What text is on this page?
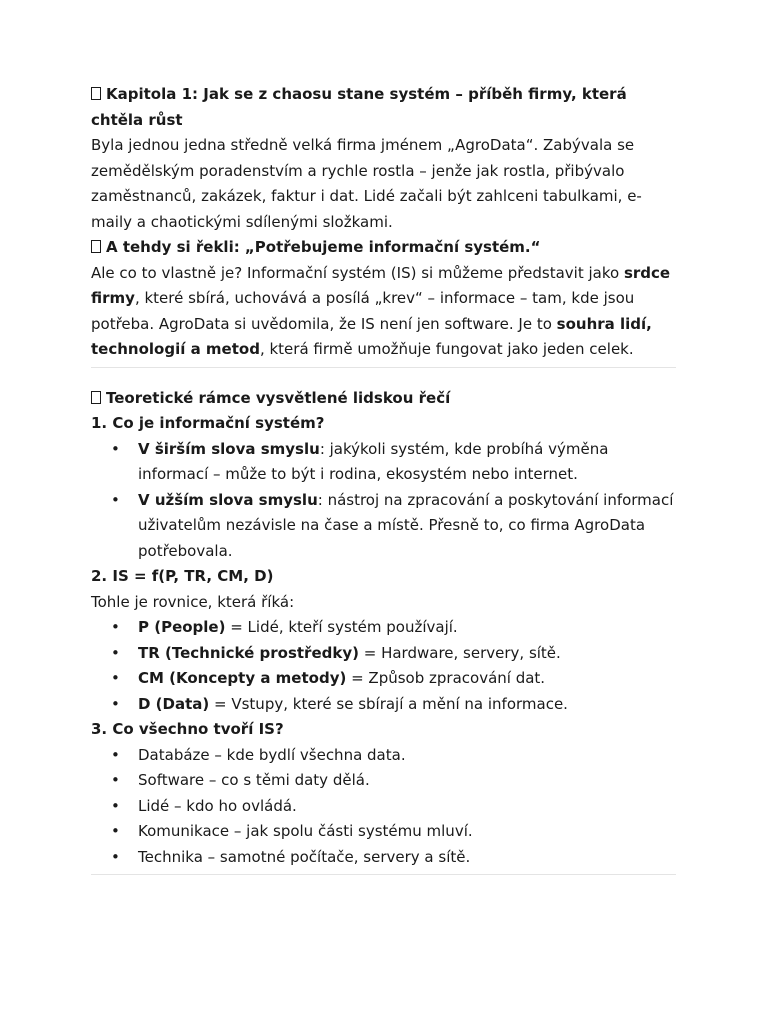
Kapitola 1: Jak se z chaosu stane systém – příběh firmy, která chtěla růst

Byla jednou jedna středně velká firma jménem „AgroData“. Zabývala se zemědělským poradenstvím a rychle rostla – jenže jak rostla, přibývalo zaměstnanců, zakázek, faktur i dat. Lidé začali být zahlceni tabulkami, e-maily a chaotickými sdílenými složkami.

A tehdy si řekli: „Potřebujeme informační systém.“

Ale co to vlastně je? Informační systém (IS) si můžeme představit jako srdce firmy, které sbírá, uchovává a posílá „krev“ – informace – tam, kde jsou potřeba. AgroData si uvědomila, že IS není jen software. Je to souhra lidí, technologií a metod, která firmě umožňuje fungovat jako jeden celek.

Teoretické rámce vysvětlené lidskou řečí

1. Co je informační systém?

• V širším slova smyslu: jakýkoli systém, kde probíhá výměna informací – může to být i rodina, ekosystém nebo internet.
• V užším slova smyslu: nástroj na zpracování a poskytování informací uživatelům nezávisle na čase a místě. Přesně to, co firma AgroData potřebovala.

2. IS = f(P, TR, CM, D)

Tohle je rovnice, která říká:

• P (People) = Lidé, kteří systém používají.
• TR (Technické prostředky) = Hardware, servery, sítě.
• CM (Koncepty a metody) = Způsob zpracování dat.
• D (Data) = Vstupy, které se sbírají a mění na informace.

3. Co všechno tvoří IS?

• Databáze – kde bydlí všechna data.
• Software – co s těmi daty dělá.
• Lidé – kdo ho ovládá.
• Komunikace – jak spolu části systému mluví.
• Technika – samotné počítače, servery a sítě.
